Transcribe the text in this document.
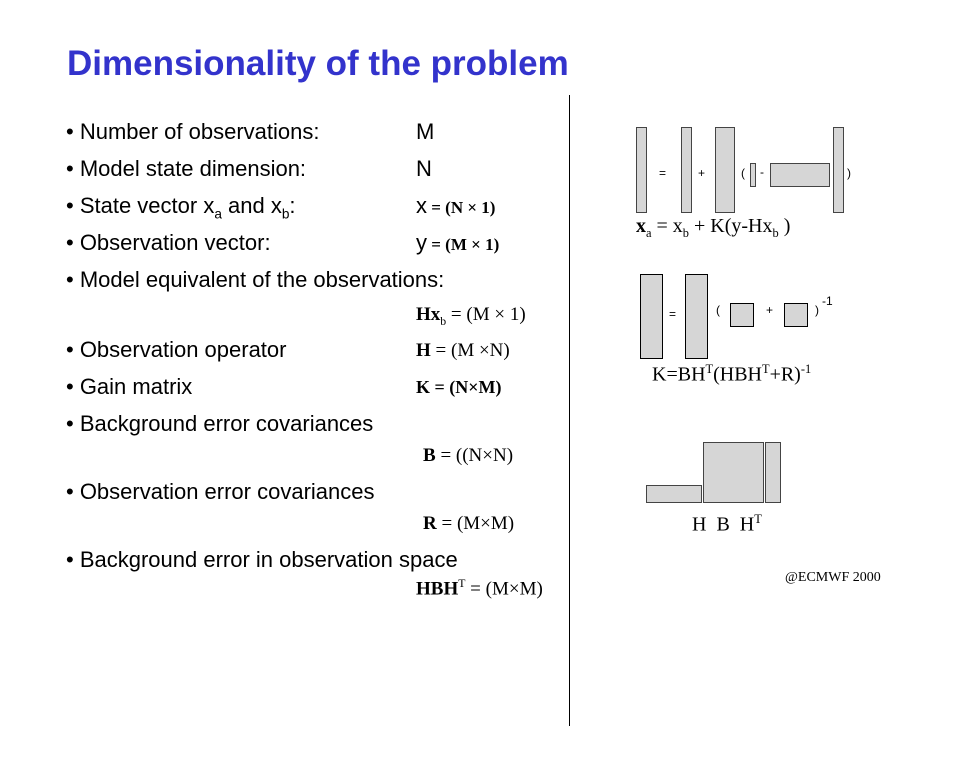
Dimensionality of the problem
• Number of observations:	M
• Model state dimension:	N
• State vector $x_a$ and $x_b$:	x = (N × 1)
• Observation vector:	y = (M × 1)
• Model equivalent of the observations:
$Hx_b = (M \times 1)$
• Observation operator	H = (M ×N)
• Gain matrix	K = (N×M)
• Background error covariances
B = ((N×N)
• Observation error covariances
R = (M×M)
• Background error in observation space
$HBH^T = (M\times M)$
=	+	( -	)
$x_a = x_b + K(y-Hx_b$ )
=	(	+	)
-1
$K=BH^T(HBH^T+R)^{-1}$
H B $H^T$
@ECMWF 2000
